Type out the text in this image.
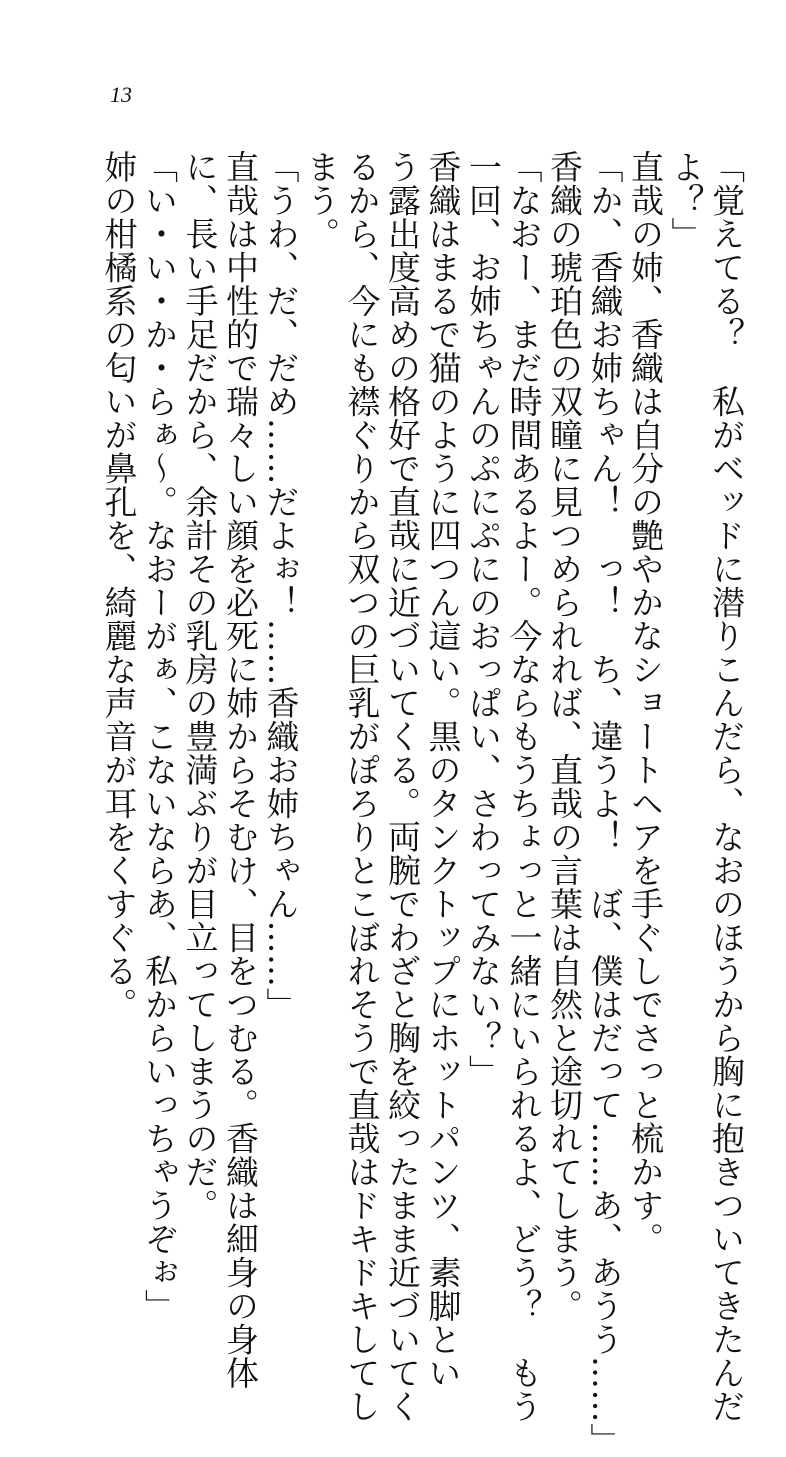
13
「覚えてる？　私がベッドに潜りこんだら、なおのほうから胸に抱きついてきたんだ
よ？」
直哉の姉、香織は自分の艶やかなショートヘアを手ぐしでさっと梳かす。
「か、香織お姉ちゃん！　っ！　ち、違うよ！　ぼ、僕はだって……あ、あうう……」
香織の琥珀色の双瞳に見つめられれば、直哉の言葉は自然と途切れてしまう。
「なおー、まだ時間あるよー。今ならもうちょっと一緒にいられるよ、どう？　もう
一回、お姉ちゃんのぷにぷにのおっぱい、さわってみない？」
香織はまるで猫のように四つん這い。黒のタンクトップにホットパンツ、素脚とい
う露出度高めの格好で直哉に近づいてくる。両腕でわざと胸を絞ったまま近づいてく
るから、今にも襟ぐりから双つの巨乳がぽろりとこぼれそうで直哉はドキドキしてし
まう。
「うわ、だ、だめ……だよぉ！……香織お姉ちゃん……」
直哉は中性的で瑞々しい顔を必死に姉からそむけ、目をつむる。香織は細身の身体
に、長い手足だから、余計その乳房の豊満ぶりが目立ってしまうのだ。
「い・い・か・らぁ～。なおーがぁ、こないならあ、私からいっちゃうぞぉ」
姉の柑橘系の匂いが鼻孔を、綺麗な声音が耳をくすぐる。
